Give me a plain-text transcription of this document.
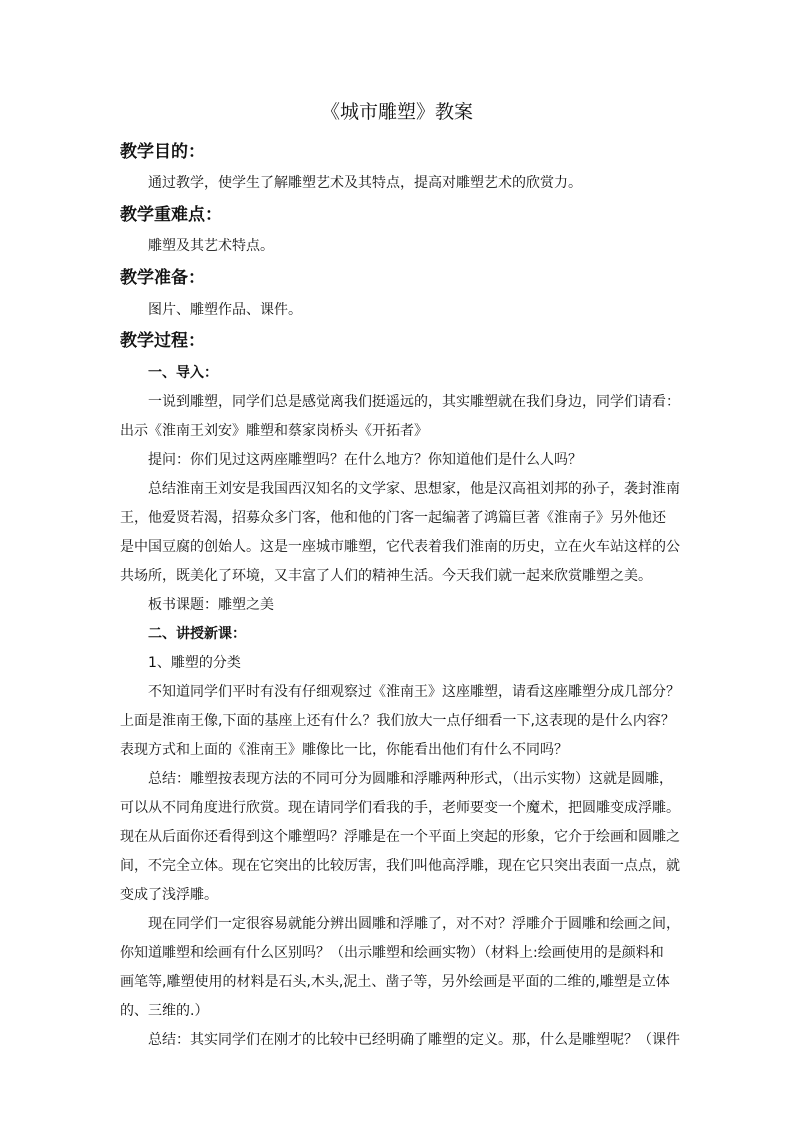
《城市雕塑》教案
教学目的：
通过教学，使学生了解雕塑艺术及其特点，提高对雕塑艺术的欣赏力。
教学重难点：
雕塑及其艺术特点。
教学准备：
图片、雕塑作品、课件。
教学过程：
一、导入：
一说到雕塑，同学们总是感觉离我们挺遥远的，其实雕塑就在我们身边，同学们请看：
出示《淮南王刘安》雕塑和蔡家岗桥头《开拓者》
提问：你们见过这两座雕塑吗？在什么地方？你知道他们是什么人吗？
总结淮南王刘安是我国西汉知名的文学家、思想家，他是汉高祖刘邦的孙子，袭封淮南
王，他爱贤若渴，招募众多门客，他和他的门客一起编著了鸿篇巨著《淮南子》另外他还
是中国豆腐的创始人。这是一座城市雕塑，它代表着我们淮南的历史，立在火车站这样的公
共场所，既美化了环境，又丰富了人们的精神生活。今天我们就一起来欣赏雕塑之美。
板书课题：雕塑之美
二、讲授新课：
1、雕塑的分类
不知道同学们平时有没有仔细观察过《淮南王》这座雕塑，请看这座雕塑分成几部分？
上面是淮南王像,下面的基座上还有什么？我们放大一点仔细看一下,这表现的是什么内容？
表现方式和上面的《淮南王》雕像比一比，你能看出他们有什么不同吗？
总结：雕塑按表现方法的不同可分为圆雕和浮雕两种形式，（出示实物）这就是圆雕，
可以从不同角度进行欣赏。现在请同学们看我的手，老师要变一个魔术，把圆雕变成浮雕。
现在从后面你还看得到这个雕塑吗？浮雕是在一个平面上突起的形象，它介于绘画和圆雕之
间，不完全立体。现在它突出的比较厉害，我们叫他高浮雕，现在它只突出表面一点点，就
变成了浅浮雕。
现在同学们一定很容易就能分辨出圆雕和浮雕了，对不对？浮雕介于圆雕和绘画之间，
你知道雕塑和绘画有什么区别吗？（出示雕塑和绘画实物）（材料上:绘画使用的是颜料和
画笔等,雕塑使用的材料是石头,木头,泥土、凿子等，另外绘画是平面的二维的,雕塑是立体
的、三维的.）
总结：其实同学们在刚才的比较中已经明确了雕塑的定义。那，什么是雕塑呢？（课件
